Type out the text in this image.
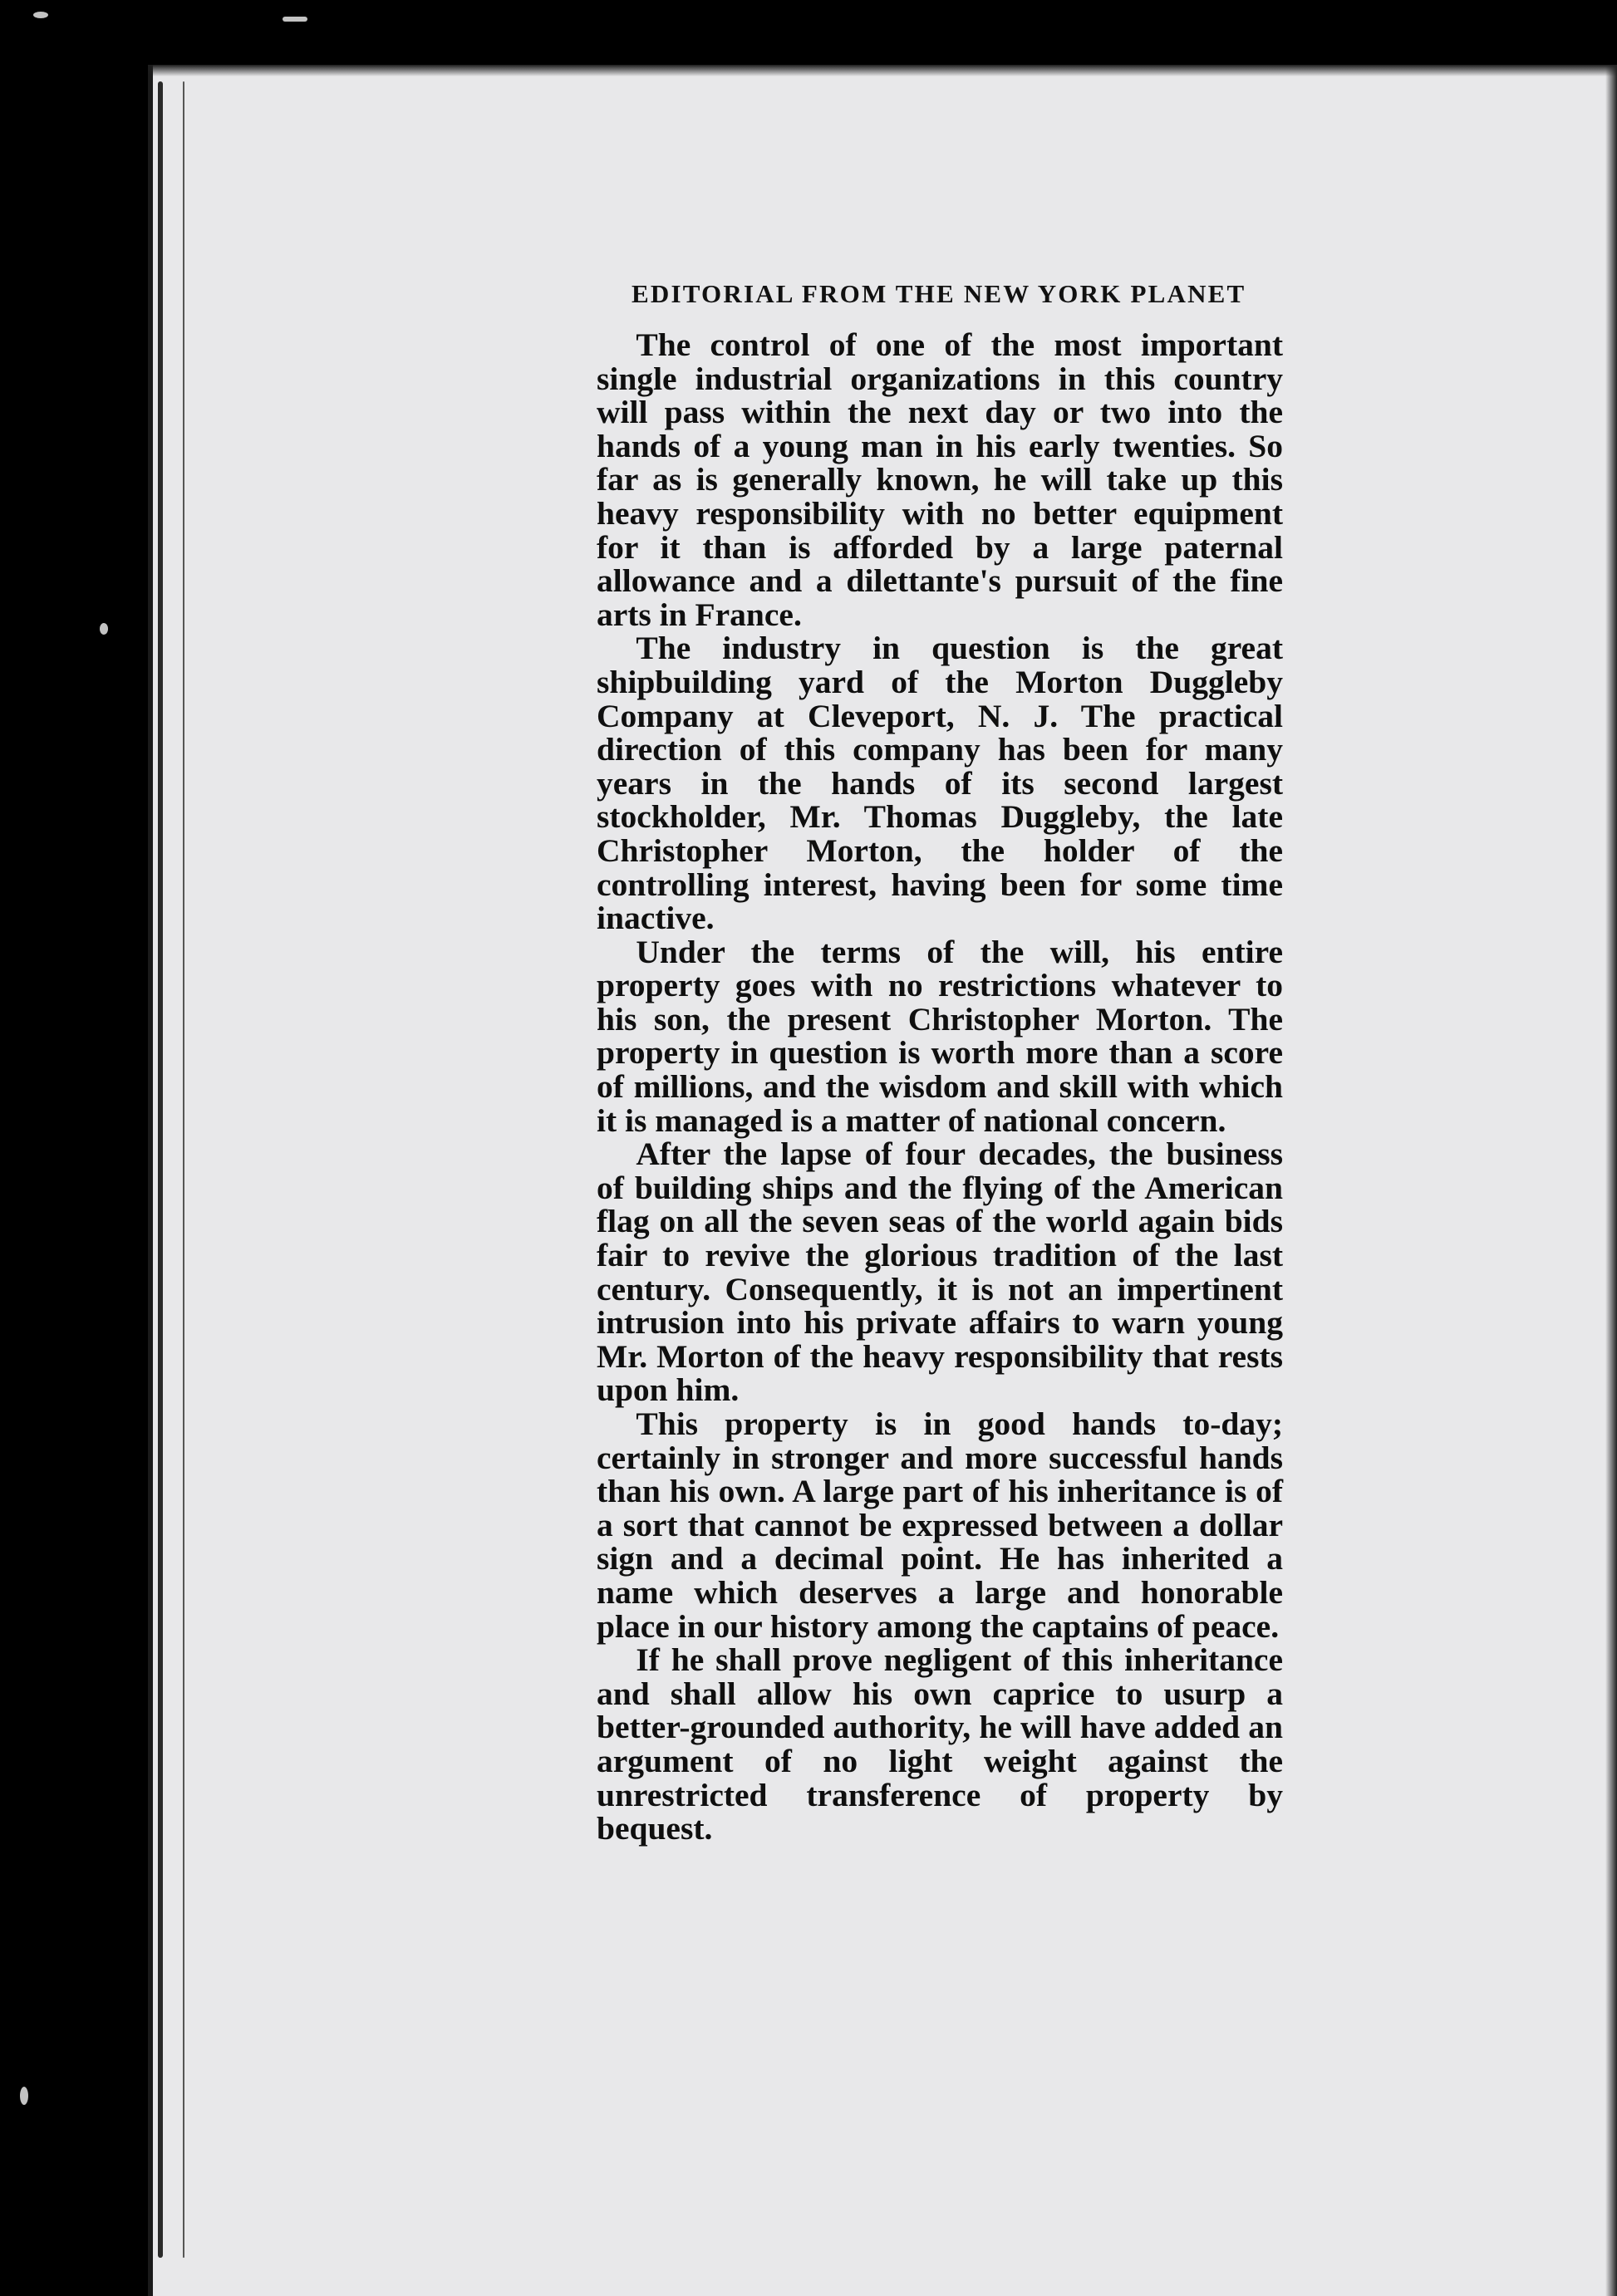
EDITORIAL FROM THE NEW YORK PLANET

The control of one of the most important single industrial organizations in this country will pass within the next day or two into the hands of a young man in his early twenties. So far as is generally known, he will take up this heavy responsibility with no better equipment for it than is afforded by a large paternal allowance and a dilettante's pursuit of the fine arts in France.

The industry in question is the great shipbuilding yard of the Morton Duggleby Company at Cleveport, N. J. The practical direction of this company has been for many years in the hands of its second largest stockholder, Mr. Thomas Duggleby, the late Christopher Morton, the holder of the controlling interest, having been for some time inactive.

Under the terms of the will, his entire property goes with no restrictions whatever to his son, the present Christopher Morton. The property in question is worth more than a score of millions, and the wisdom and skill with which it is managed is a matter of national concern.

After the lapse of four decades, the business of building ships and the flying of the American flag on all the seven seas of the world again bids fair to revive the glorious tradition of the last century. Consequently, it is not an impertinent intrusion into his private affairs to warn young Mr. Morton of the heavy responsibility that rests upon him.

This property is in good hands to-day; certainly in stronger and more successful hands than his own. A large part of his inheritance is of a sort that cannot be expressed between a dollar sign and a decimal point. He has inherited a name which deserves a large and honorable place in our history among the captains of peace.

If he shall prove negligent of this inheritance and shall allow his own caprice to usurp a better-grounded authority, he will have added an argument of no light weight against the unrestricted transference of property by bequest.
